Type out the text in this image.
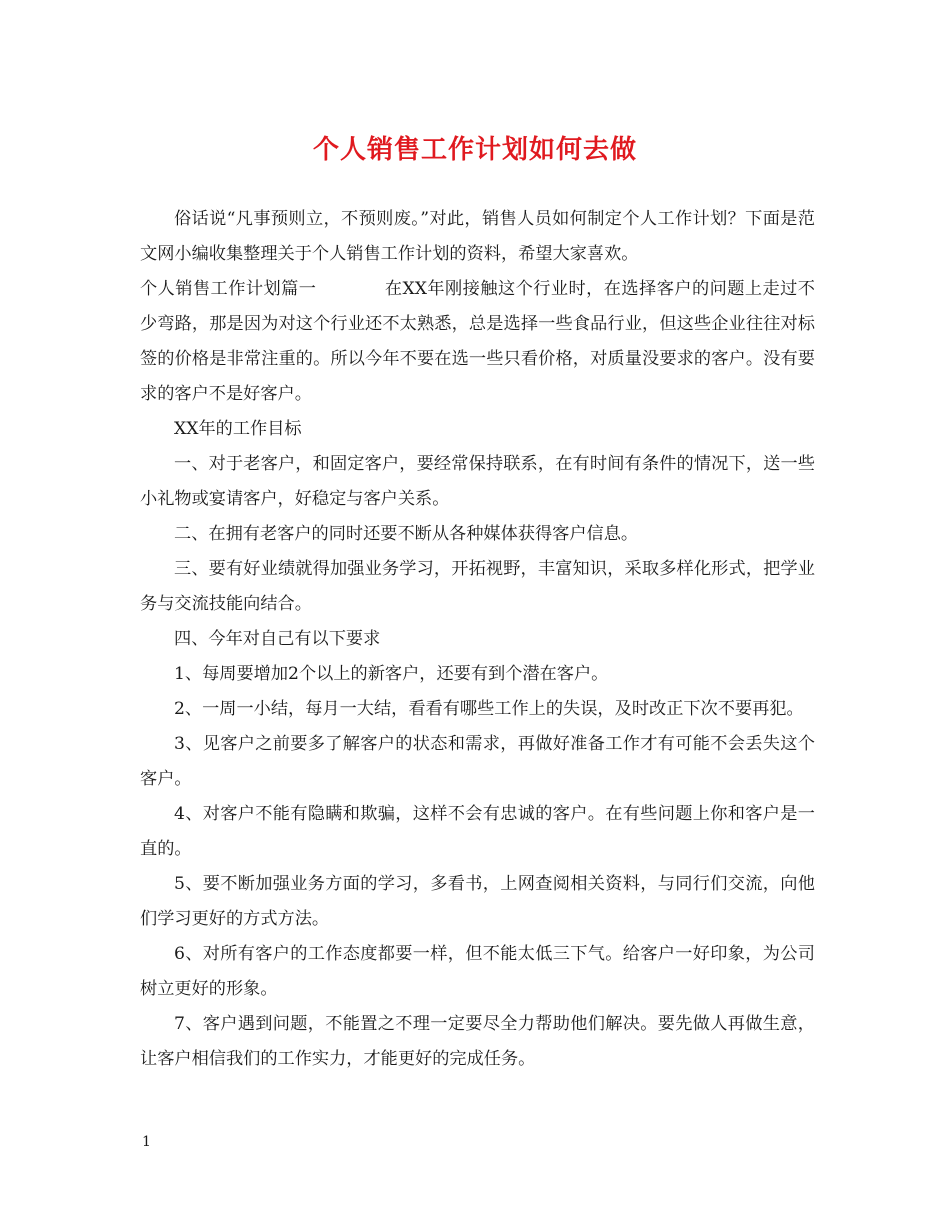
个人销售工作计划如何去做

俗话说“凡事预则立，不预则废。”对此，销售人员如何制定个人工作计划？下面是范文网小编收集整理关于个人销售工作计划的资料，希望大家喜欢。

个人销售工作计划篇一	在XX年刚接触这个行业时，在选择客户的问题上走过不少弯路，那是因为对这个行业还不太熟悉，总是选择一些食品行业，但这些企业往往对标签的价格是非常注重的。所以今年不要在选一些只看价格，对质量没要求的客户。没有要求的客户不是好客户。

XX年的工作目标

一、对于老客户，和固定客户，要经常保持联系，在有时间有条件的情况下，送一些小礼物或宴请客户，好稳定与客户关系。

二、在拥有老客户的同时还要不断从各种媒体获得客户信息。

三、要有好业绩就得加强业务学习，开拓视野，丰富知识，采取多样化形式，把学业务与交流技能向结合。

四、今年对自己有以下要求

1、每周要增加2个以上的新客户，还要有到个潜在客户。

2、一周一小结，每月一大结，看看有哪些工作上的失误，及时改正下次不要再犯。

3、见客户之前要多了解客户的状态和需求，再做好准备工作才有可能不会丢失这个客户。

4、对客户不能有隐瞒和欺骗，这样不会有忠诚的客户。在有些问题上你和客户是一直的。

5、要不断加强业务方面的学习，多看书，上网查阅相关资料，与同行们交流，向他们学习更好的方式方法。

6、对所有客户的工作态度都要一样，但不能太低三下气。给客户一好印象，为公司树立更好的形象。

7、客户遇到问题，不能置之不理一定要尽全力帮助他们解决。要先做人再做生意，让客户相信我们的工作实力，才能更好的完成任务。

1
